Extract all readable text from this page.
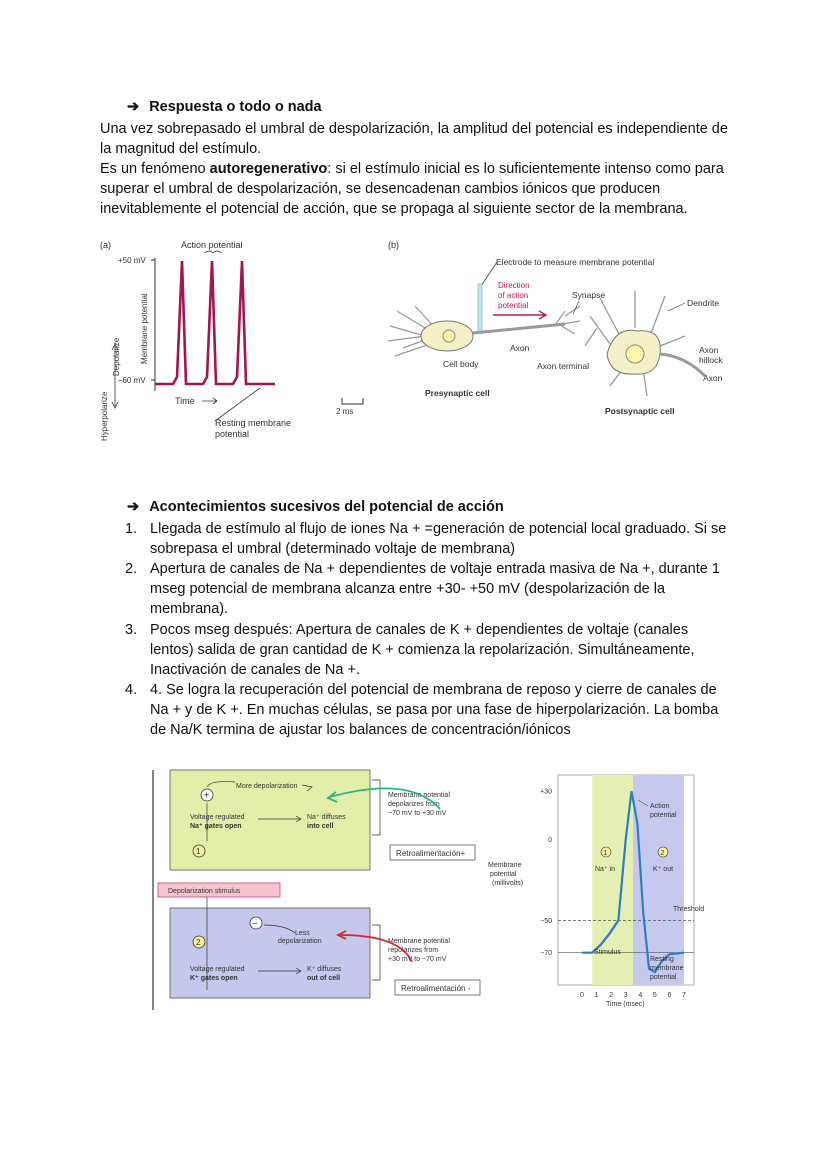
➔ Respuesta o todo o nada
Una vez sobrepasado el umbral de despolarización, la amplitud del potencial es independiente de la magnitud del estímulo.
Es un fenómeno autoregenerativo: si el estímulo inicial es lo suficientemente intenso como para superar el umbral de despolarización, se desencadenan cambios iónicos que producen inevitablemente el potencial de acción, que se propaga al siguiente sector de la membrana.
(a)	Action potential
+50 mV
–60 mV
Membrane potential
Depolarize
Hyperpolarize	Time
2 ms
Resting membrane
potential
(b)
Electrode to measure membrane potential
Direction
of action
potential
Synapse
Dendrite
Axon
Cell body	Axon terminal
Axon
hillock
Axon
Presynaptic cell
Postsynaptic cell
➔ Acontecimientos sucesivos del potencial de acción
1. Llegada de estímulo al flujo de iones Na + =generación de potencial local graduado. Si se sobrepasa el umbral (determinado voltaje de membrana)
2. Apertura de canales de Na + dependientes de voltaje entrada masiva de Na +, durante 1 mseg potencial de membrana alcanza entre +30- +50 mV (despolarización de la membrana).
3. Pocos mseg después: Apertura de canales de K + dependientes de voltaje (canales lentos) salida de gran cantidad de K + comienza la repolarización. Simultáneamente, Inactivación de canales de Na +.
4. 4. Se logra la recuperación del potencial de membrana de reposo y cierre de canales de Na + y de K +. En muchas células, se pasa por una fase de hiperpolarización. La bomba de Na/K termina de ajustar los balances de concentración/iónicos
More depolarization
+
Voltage regulated
Na⁺ gates open
Na⁺ diffuses
into cell
1
Depolarization stimulus
−
Less
depolarization
2
Voltage regulated
K⁺ gates open
K⁺ diffuses
out of cell
Membrane potential
depolarizes from
−70 mV to +30 mV
Retroalimentación+
Membrane potential
repolarizes from
+30 mV to −70 mV
Retroalimentación -
+30
0
−50
−70
0 1 2 3 4 5 6 7
Membrane
potential
(millivolts)
Action
potential
Threshold
1	2
Na⁺ in	K⁺ out
Stimulus
Resting
membrane
potential
Time (msec)
